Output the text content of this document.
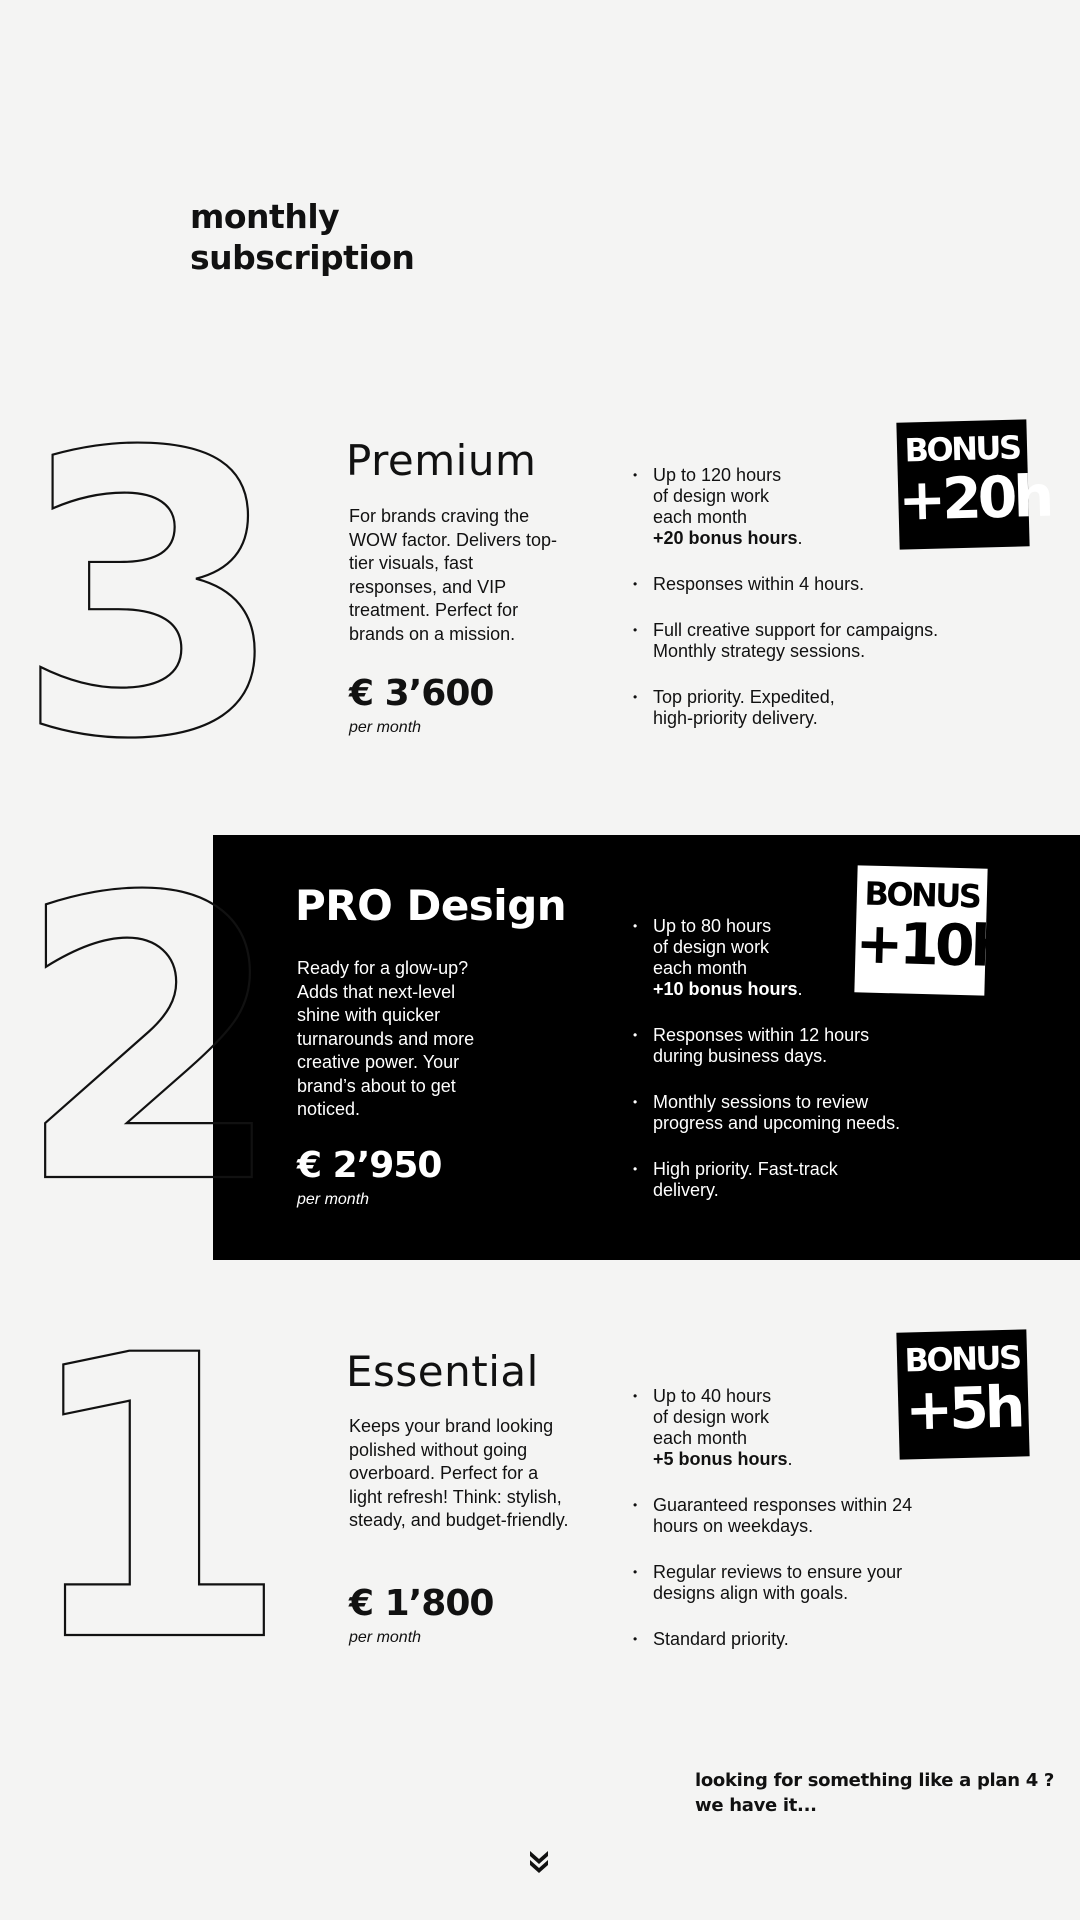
monthly
subscription
3
2
1
Premium

For brands craving the WOW factor. Delivers top-tier visuals, fast responses, and VIP treatment. Perfect for brands on a mission.

€ 3’600
per month
• Up to 120 hours
of design work
each month
+20 bonus hours.
• Responses within 4 hours.
• Full creative support for campaigns. Monthly strategy sessions.
• Top priority. Expedited, high-priority delivery.
BONUS
+20h
PRO Design

Ready for a glow-up? Adds that next-level shine with quicker turnarounds and more creative power. Your brand’s about to get noticed.

€ 2’950
per month
• Up to 80 hours
of design work
each month
+10 bonus hours.
• Responses within 12 hours during business days.
• Monthly sessions to review progress and upcoming needs.
• High priority. Fast-track delivery.
BONUS
+10h
Essential

Keeps your brand looking polished without going overboard. Perfect for a light refresh! Think: stylish, steady, and budget-friendly.

€ 1’800
per month
• Up to 40 hours
of design work
each month
+5 bonus hours.
• Guaranteed responses within 24 hours on weekdays.
• Regular reviews to ensure your designs align with goals.
• Standard priority.
BONUS
+5h
looking for something like a plan 4 ?
we have it...
